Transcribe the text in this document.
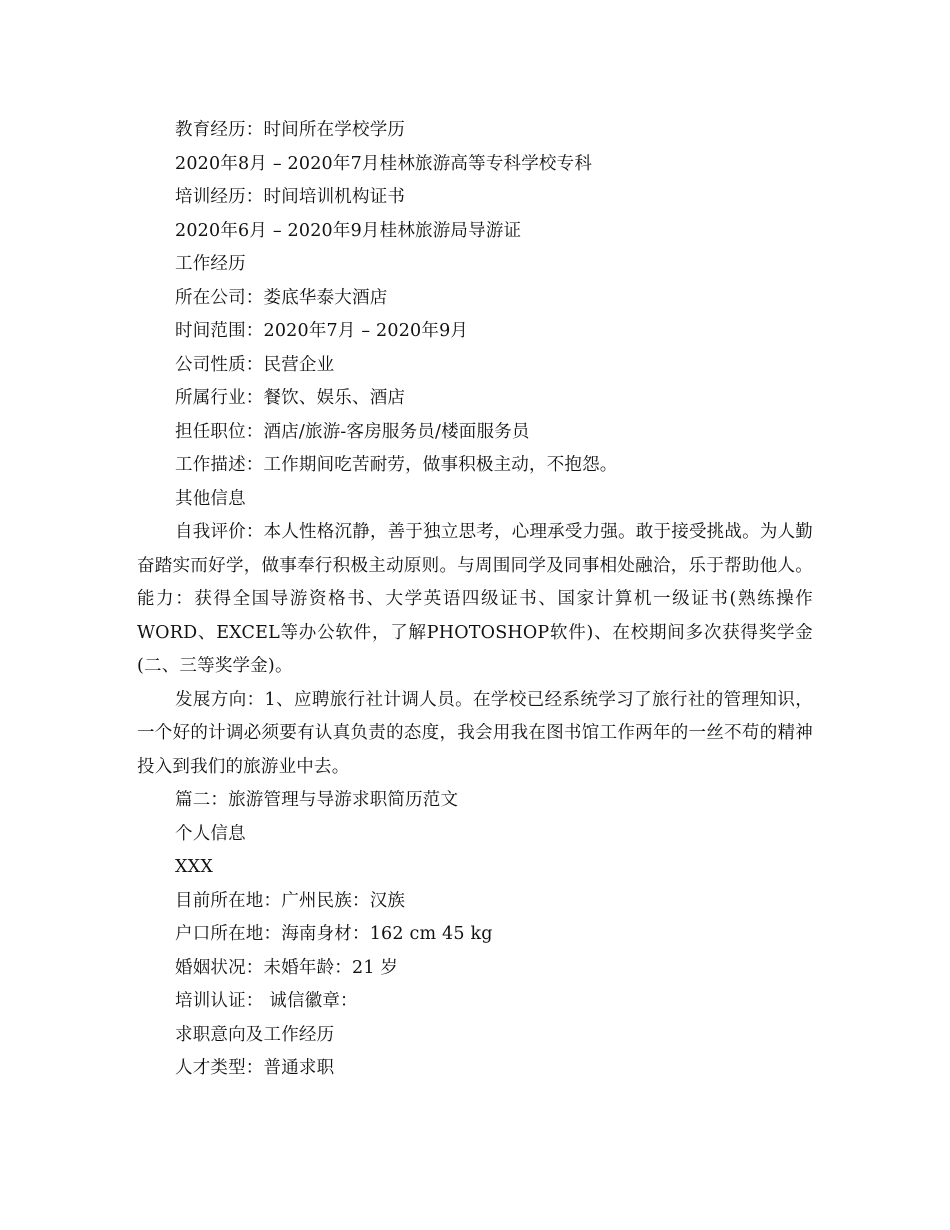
教育经历：时间所在学校学历
2020年8月 – 2020年7月桂林旅游高等专科学校专科
培训经历：时间培训机构证书
2020年6月 – 2020年9月桂林旅游局导游证
工作经历
所在公司：娄底华泰大酒店
时间范围：2020年7月 – 2020年9月
公司性质：民营企业
所属行业：餐饮、娱乐、酒店
担任职位：酒店/旅游-客房服务员/楼面服务员
工作描述：工作期间吃苦耐劳，做事积极主动，不抱怨。
其他信息
自我评价：本人性格沉静，善于独立思考，心理承受力强。敢于接受挑战。为人勤奋踏实而好学，做事奉行积极主动原则。与周围同学及同事相处融洽，乐于帮助他人。能力：获得全国导游资格书、大学英语四级证书、国家计算机一级证书(熟练操作WORD、EXCEL等办公软件，了解PHOTOSHOP软件)、在校期间多次获得奖学金(二、三等奖学金)。
发展方向：1、应聘旅行社计调人员。在学校已经系统学习了旅行社的管理知识，一个好的计调必须要有认真负责的态度，我会用我在图书馆工作两年的一丝不苟的精神投入到我们的旅游业中去。
篇二：旅游管理与导游求职简历范文
个人信息
XXX
目前所在地：广州民族：汉族
户口所在地：海南身材：162 cm 45 kg
婚姻状况：未婚年龄：21 岁
培训认证： 诚信徽章：
求职意向及工作经历
人才类型：普通求职
